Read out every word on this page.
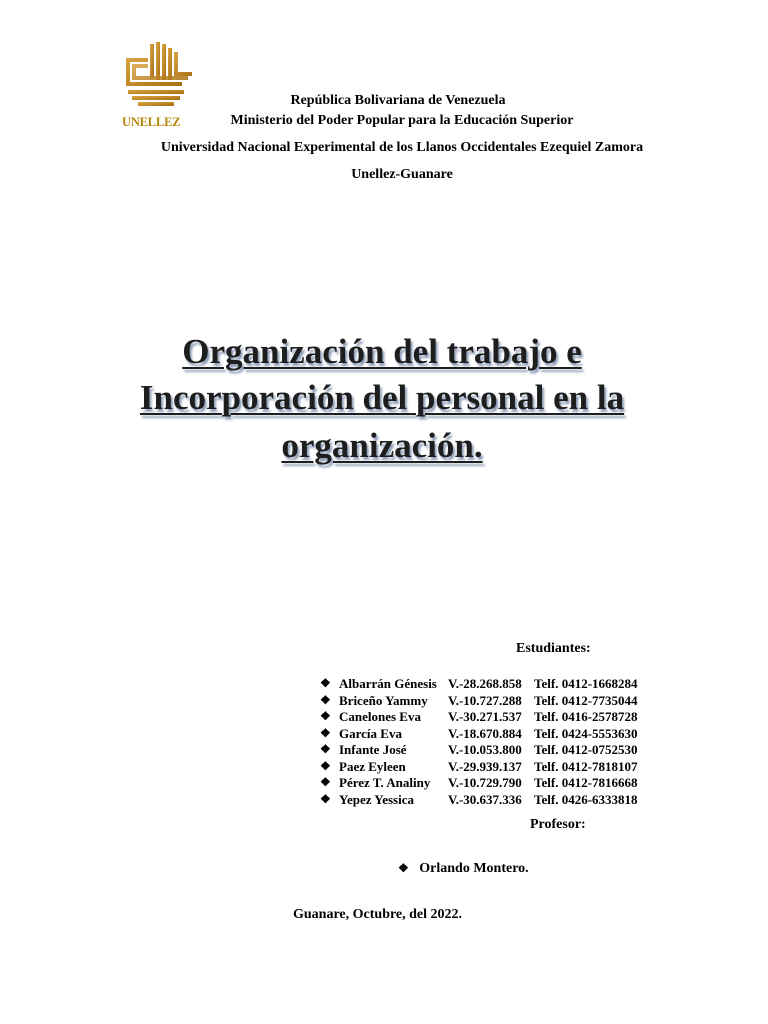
UNELLEZ
República Bolivariana de Venezuela
Ministerio del Poder Popular para la Educación Superior
Universidad Nacional Experimental de los Llanos Occidentales Ezequiel Zamora
Unellez-Guanare
Organización del trabajo e
Incorporación del personal en la
organización.
Estudiantes:
❖ Albarrán Génesis V.-28.268.858 Telf. 0412-1668284
❖ Briceño Yammy V.-10.727.288 Telf. 0412-7735044
❖ Canelones Eva V.-30.271.537 Telf. 0416-2578728
❖ García Eva	V.-18.670.884 Telf. 0424-5553630
❖ Infante José	V.-10.053.800 Telf. 0412-0752530
❖ Paez Eyleen	V.-29.939.137 Telf. 0412-7818107
❖ Pérez T. Analiny V.-10.729.790 Telf. 0412-7816668
❖ Yepez Yessica	V.-30.637.336 Telf. 0426-6333818
Profesor:
❖ Orlando Montero.
Guanare, Octubre, del 2022.
